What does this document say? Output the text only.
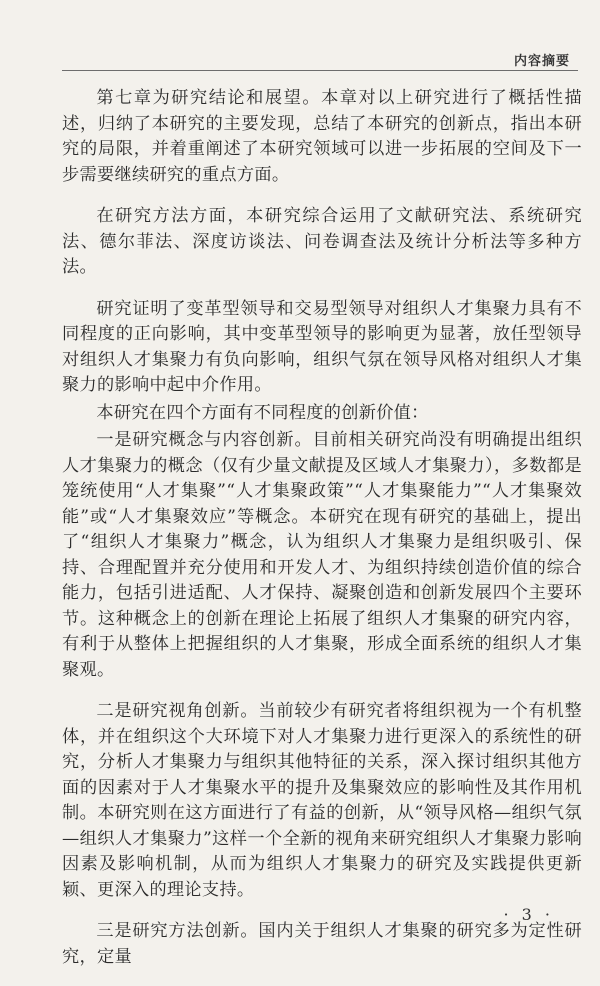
内容摘要

第七章为研究结论和展望。本章对以上研究进行了概括性描述，归纳了本研究的主要发现，总结了本研究的创新点，指出本研究的局限，并着重阐述了本研究领域可以进一步拓展的空间及下一步需要继续研究的重点方面。

在研究方法方面，本研究综合运用了文献研究法、系统研究法、德尔菲法、深度访谈法、问卷调查法及统计分析法等多种方法。

研究证明了变革型领导和交易型领导对组织人才集聚力具有不同程度的正向影响，其中变革型领导的影响更为显著，放任型领导对组织人才集聚力有负向影响，组织气氛在领导风格对组织人才集聚力的影响中起中介作用。

本研究在四个方面有不同程度的创新价值：

一是研究概念与内容创新。目前相关研究尚没有明确提出组织人才集聚力的概念（仅有少量文献提及区域人才集聚力），多数都是笼统使用“人才集聚”“人才集聚政策”“人才集聚能力”“人才集聚效能”或“人才集聚效应”等概念。本研究在现有研究的基础上，提出了“组织人才集聚力”概念，认为组织人才集聚力是组织吸引、保持、合理配置并充分使用和开发人才、为组织持续创造价值的综合能力，包括引进适配、人才保持、凝聚创造和创新发展四个主要环节。这种概念上的创新在理论上拓展了组织人才集聚的研究内容，有利于从整体上把握组织的人才集聚，形成全面系统的组织人才集聚观。

二是研究视角创新。当前较少有研究者将组织视为一个有机整体，并在组织这个大环境下对人才集聚力进行更深入的系统性的研究，分析人才集聚力与组织其他特征的关系，深入探讨组织其他方面的因素对于人才集聚水平的提升及集聚效应的影响性及其作用机制。本研究则在这方面进行了有益的创新，从“领导风格—组织气氛—组织人才集聚力”这样一个全新的视角来研究组织人才集聚力影响因素及影响机制，从而为组织人才集聚力的研究及实践提供更新颖、更深入的理论支持。

三是研究方法创新。国内关于组织人才集聚的研究多为定性研究，定量

· 3 ·
